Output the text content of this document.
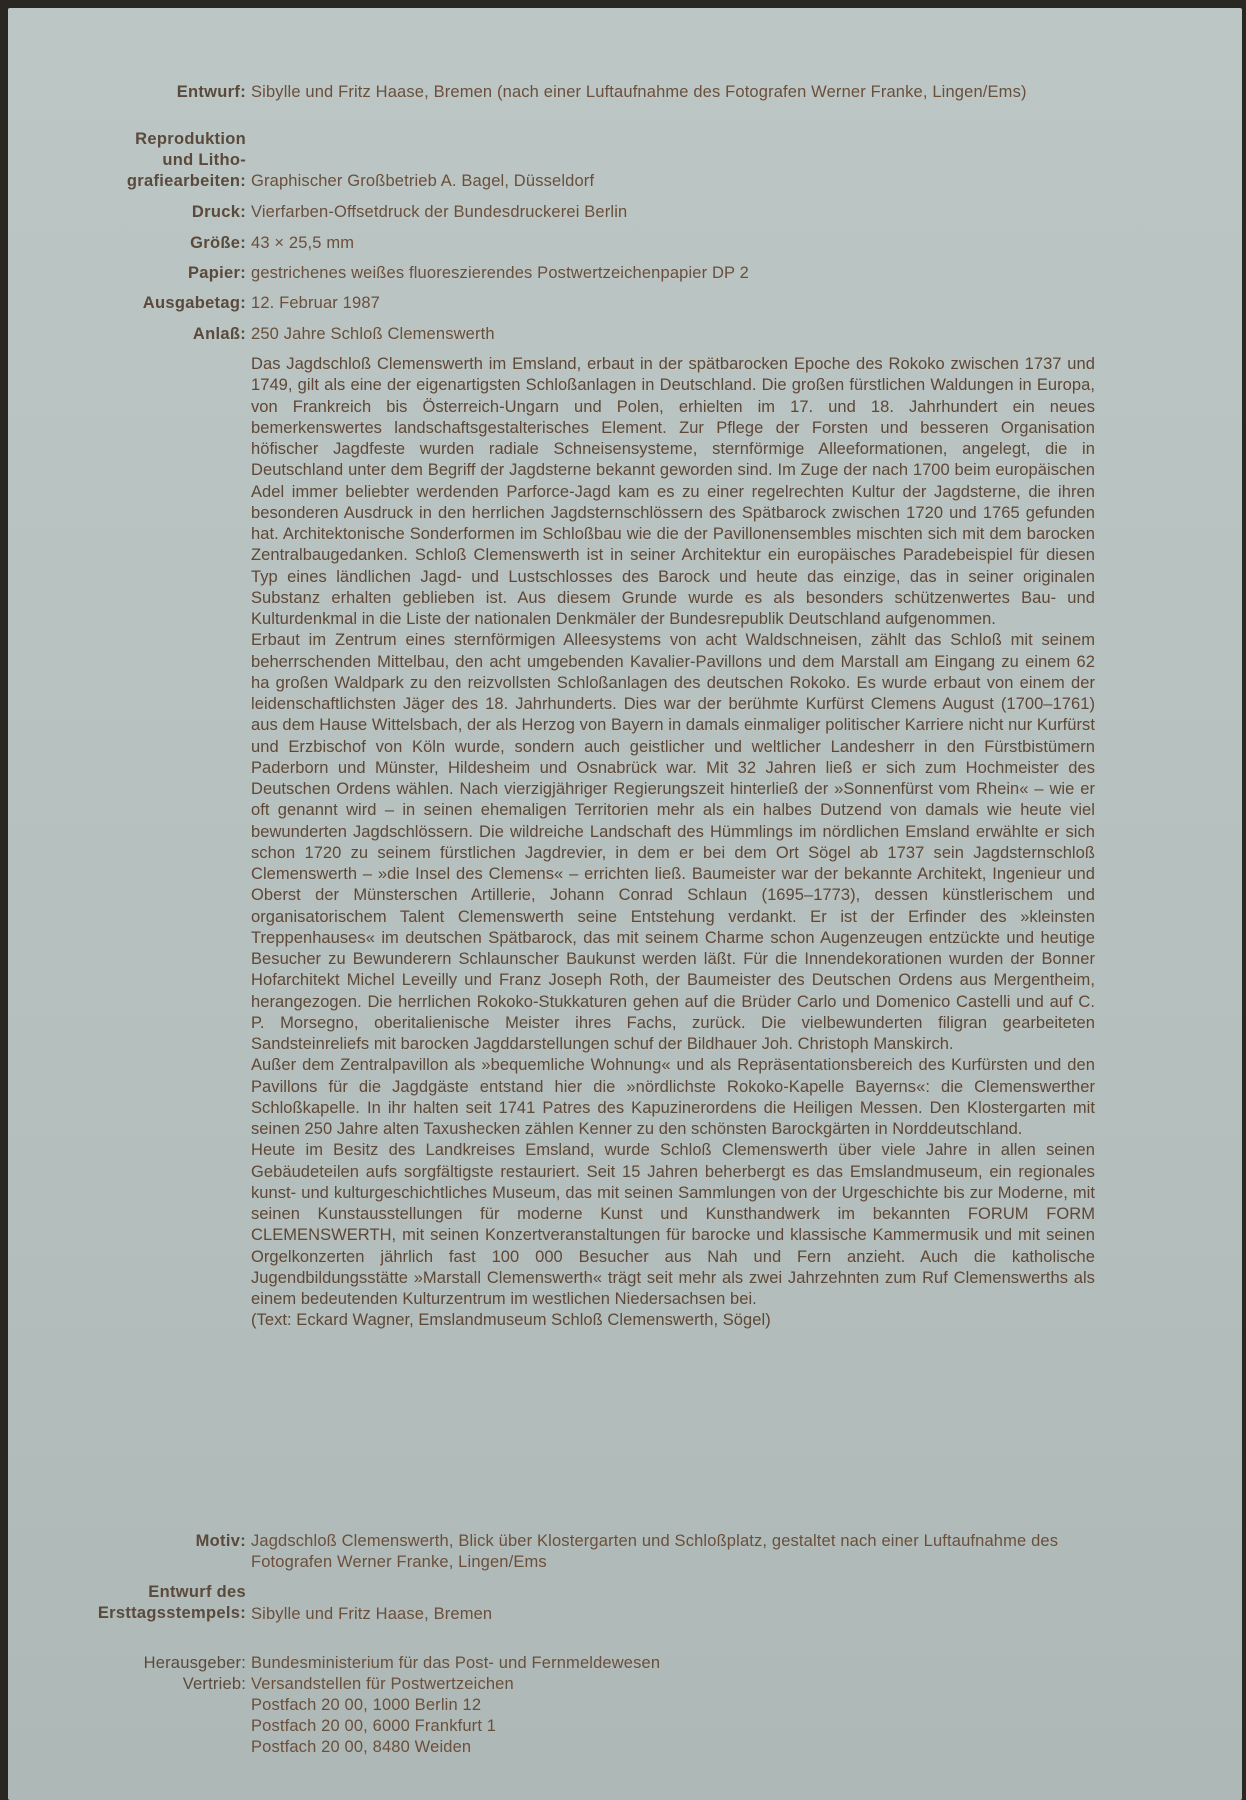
Entwurf: Sibylle und Fritz Haase, Bremen (nach einer Luftaufnahme des Fotografen Werner Franke, Lingen/Ems)
Reproduktion
und Litho-
grafiearbeiten: Graphischer Großbetrieb A. Bagel, Düsseldorf
Druck: Vierfarben-Offsetdruck der Bundesdruckerei Berlin
Größe: 43 × 25,5 mm
Papier: gestrichenes weißes fluoreszierendes Postwertzeichenpapier DP 2
Ausgabetag: 12. Februar 1987
Anlaß: 250 Jahre Schloß Clemenswerth

Das Jagdschloß Clemenswerth im Emsland, erbaut in der spätbarocken Epoche des Rokoko zwischen 1737 und 1749, gilt als eine der eigenartigsten Schloßanlagen in Deutschland. Die großen fürstlichen Waldungen in Europa, von Frankreich bis Österreich-Ungarn und Polen, erhielten im 17. und 18. Jahrhundert ein neues bemerkenswertes landschaftsgestalterisches Element. Zur Pflege der Forsten und besseren Organisation höfischer Jagdfeste wurden radiale Schneisensysteme, sternförmige Alleeformationen, angelegt, die in Deutschland unter dem Begriff der Jagdsterne bekannt geworden sind. Im Zuge der nach 1700 beim europäischen Adel immer beliebter werdenden Parforce-Jagd kam es zu einer regelrechten Kultur der Jagdsterne, die ihren besonderen Ausdruck in den herrlichen Jagdsternschlössern des Spätbarock zwischen 1720 und 1765 gefunden hat. Architektonische Sonderformen im Schloßbau wie die der Pavillonensembles mischten sich mit dem barocken Zentralbaugedanken. Schloß Clemenswerth ist in seiner Architektur ein europäisches Paradebeispiel für diesen Typ eines ländlichen Jagd- und Lustschlosses des Barock und heute das einzige, das in seiner originalen Substanz erhalten geblieben ist. Aus diesem Grunde wurde es als besonders schützenwertes Bau- und Kulturdenkmal in die Liste der nationalen Denkmäler der Bundesrepublik Deutschland aufgenommen.

Erbaut im Zentrum eines sternförmigen Alleesystems von acht Waldschneisen, zählt das Schloß mit seinem beherrschenden Mittelbau, den acht umgebenden Kavalier-Pavillons und dem Marstall am Eingang zu einem 62 ha großen Waldpark zu den reizvollsten Schloßanlagen des deutschen Rokoko. Es wurde erbaut von einem der leidenschaftlichsten Jäger des 18. Jahrhunderts. Dies war der berühmte Kurfürst Clemens August (1700–1761) aus dem Hause Wittelsbach, der als Herzog von Bayern in damals einmaliger politischer Karriere nicht nur Kurfürst und Erzbischof von Köln wurde, sondern auch geistlicher und weltlicher Landesherr in den Fürstbistümern Paderborn und Münster, Hildesheim und Osnabrück war. Mit 32 Jahren ließ er sich zum Hochmeister des Deutschen Ordens wählen. Nach vierzigjähriger Regierungszeit hinterließ der »Sonnenfürst vom Rhein« – wie er oft genannt wird – in seinen ehemaligen Territorien mehr als ein halbes Dutzend von damals wie heute viel bewunderten Jagdschlössern. Die wildreiche Landschaft des Hümmlings im nördlichen Emsland erwählte er sich schon 1720 zu seinem fürstlichen Jagdrevier, in dem er bei dem Ort Sögel ab 1737 sein Jagdsternschloß Clemenswerth – »die Insel des Clemens« – errichten ließ. Baumeister war der bekannte Architekt, Ingenieur und Oberst der Münsterschen Artillerie, Johann Conrad Schlaun (1695–1773), dessen künstlerischem und organisatorischem Talent Clemenswerth seine Entstehung verdankt. Er ist der Erfinder des »kleinsten Treppenhauses« im deutschen Spätbarock, das mit seinem Charme schon Augenzeugen entzückte und heutige Besucher zu Bewunderern Schlaunscher Baukunst werden läßt. Für die Innendekorationen wurden der Bonner Hofarchitekt Michel Leveilly und Franz Joseph Roth, der Baumeister des Deutschen Ordens aus Mergentheim, herangezogen. Die herrlichen Rokoko-Stukkaturen gehen auf die Brüder Carlo und Domenico Castelli und auf C. P. Morsegno, oberitalienische Meister ihres Fachs, zurück. Die vielbewunderten filigran gearbeiteten Sandsteinreliefs mit barocken Jagddarstellungen schuf der Bildhauer Joh. Christoph Manskirch.

Außer dem Zentralpavillon als »bequemliche Wohnung« und als Repräsentationsbereich des Kurfürsten und den Pavillons für die Jagdgäste entstand hier die »nördlichste Rokoko-Kapelle Bayerns«: die Clemenswerther Schloßkapelle. In ihr halten seit 1741 Patres des Kapuzinerordens die Heiligen Messen. Den Klostergarten mit seinen 250 Jahre alten Taxushecken zählen Kenner zu den schönsten Barockgärten in Norddeutschland.

Heute im Besitz des Landkreises Emsland, wurde Schloß Clemenswerth über viele Jahre in allen seinen Gebäudeteilen aufs sorgfältigste restauriert. Seit 15 Jahren beherbergt es das Emslandmuseum, ein regionales kunst- und kulturgeschichtliches Museum, das mit seinen Sammlungen von der Urgeschichte bis zur Moderne, mit seinen Kunstausstellungen für moderne Kunst und Kunsthandwerk im bekannten FORUM FORM CLEMENSWERTH, mit seinen Konzertveranstaltungen für barocke und klassische Kammermusik und mit seinen Orgelkonzerten jährlich fast 100 000 Besucher aus Nah und Fern anzieht. Auch die katholische Jugendbildungsstätte »Marstall Clemenswerth« trägt seit mehr als zwei Jahrzehnten zum Ruf Clemenswerths als einem bedeutenden Kulturzentrum im westlichen Niedersachsen bei.

(Text: Eckard Wagner, Emslandmuseum Schloß Clemenswerth, Sögel)

Motiv: Jagdschloß Clemenswerth, Blick über Klostergarten und Schloßplatz, gestaltet nach einer Luftaufnahme des Fotografen Werner Franke, Lingen/Ems
Entwurf des
Ersttagsstempels: Sibylle und Fritz Haase, Bremen
Herausgeber: Bundesministerium für das Post- und Fernmeldewesen
Vertrieb: Versandstellen für Postwertzeichen
Postfach 20 00, 1000 Berlin 12
Postfach 20 00, 6000 Frankfurt 1
Postfach 20 00, 8480 Weiden
